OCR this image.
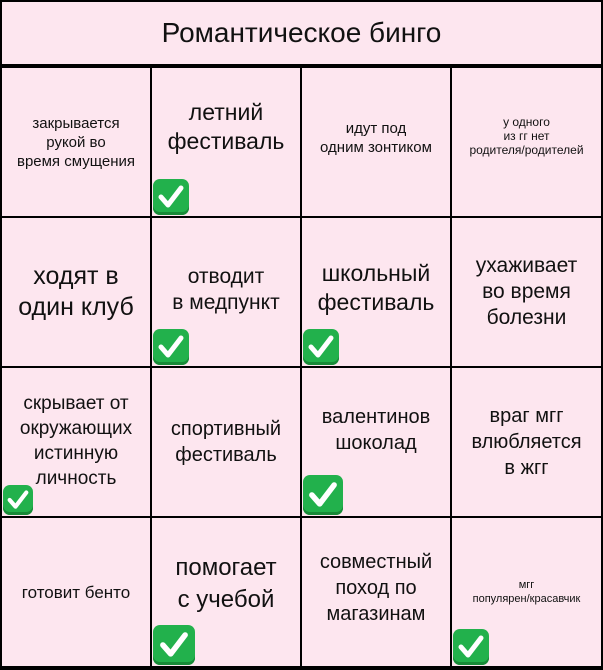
Романтическое бинго
закрывается
рукой во
время смущения
летний
фестиваль	идут под
одним зонтиком
у одного
из гг нет
родителя/родителей
ходят в
один клуб
отводит
в медпункт
школьный
фестиваль
ухаживает
во время
болезни
скрывает от
окружающих
истинную
личность
спортивный
фестиваль
валентинов
шоколад
враг мгг
влюбляется
в жгг
готовит бенто
помогает
с учебой
совместный
поход по
магазинам
мгг
популярен/красавчик
